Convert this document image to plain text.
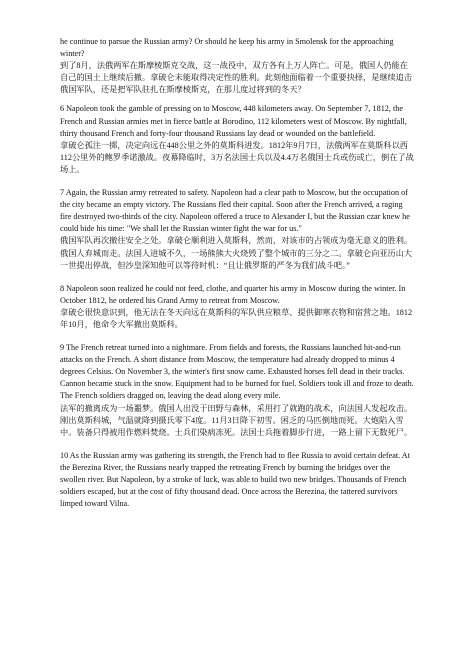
he continue to parsue the Russian army? Or should he keep his army in Smolensk for the approaching winter?

到了8月，法俄两军在斯摩棱斯克交战，这一战役中，双方各有上万人阵亡。可是，俄国人仍能在自己的国土上继续后撤。拿破仑未能取得决定性的胜利。此刻他面临着一个重要抉择，是继续追击俄国军队，还是把军队驻扎在斯摩棱斯克，在那儿度过将到的冬天？

6 Napoleon took the gamble of pressing on to Moscow, 448 kilometers away. On September 7, 1812, the French and Russian armies met in fierce battle at Borodino, 112 kilometers west of Moscow. By nightfall, thirty thousand French and forty-four thousand Russians lay dead or wounded on the battlefield.

拿破仑孤注一掷，决定向远在448公里之外的莫斯科进发。1812年9月7日，法俄两军在莫斯科以西112公里外的鲍罗季诺激战。夜幕降临时，3万名法国士兵以及4.4万名俄国士兵或伤或亡，倒在了战场上。

7 Again, the Russian army retreated to safety. Napoleon had a clear path to Moscow, but the occupation of the city became an empty victory. The Russians fled their capital. Soon after the French arrived, a raging fire destroyed two-thirds of the city. Napoleon offered a truce to Alexander I, but the Russian czar knew he could bide his time: "We shall let the Russian winter fight the war for us."

俄国军队再次撤往安全之处。拿破仑顺利进入莫斯科，然而，对该市的占领成为毫无意义的胜利。俄国人弃城而走。法国人进城不久，一场熊熊大火烧毁了整个城市的三分之二。拿破仑向亚历山大一世提出停战，但沙皇深知他可以等待时机：“且让俄罗斯的严冬为我们战斗吧。”

8 Napoleon soon realized he could not feed, clothe, and quarter his army in Moscow during the winter. In October 1812, he ordered his Grand Army to retreat from Moscow.

拿破仑很快意识到，他无法在冬天向远在莫斯科的军队供应粮草、提供御寒衣物和宿营之地。1812年10月，他命令大军撤出莫斯科。

9 The French retreat turned into a nightmare. From fields and forests, the Russians launched hit-and-run attacks on the French. A short distance from Moscow, the temperature had already dropped to minus 4 degrees Celsius. On November 3, the winter's first snow came. Exhausted horses fell dead in their tracks. Cannon became stuck in the snow. Equipment had to be burned for fuel. Soldiers took ill and froze to death. The French soldiers dragged on, leaving the dead along every mile.

法军的撤离成为一场噩梦。俄国人出没于田野与森林，采用打了就跑的战术，向法国人发起攻击。刚出莫斯科城，气温就降到摄氏零下4度。11月3日降下初雪。困乏的马匹倒地而死。大炮陷入雪中。装备只得被用作燃料焚烧。士兵们染病冻死。法国士兵拖着脚步行进，一路上留下无数死尸。

10 As the Russian army was gathering its strength, the French had to flee Russia to avoid certain defeat. At the Berezina River, the Russians nearly trapped the retreating French by burning the bridges over the swollen river. But Napoleon, by a stroke of luck, was able to build two new bridges. Thousands of French soldiers escaped, but at the cost of fifty thousand dead. Once across the Berezina, the tattered survivors limped toward Vilna.
